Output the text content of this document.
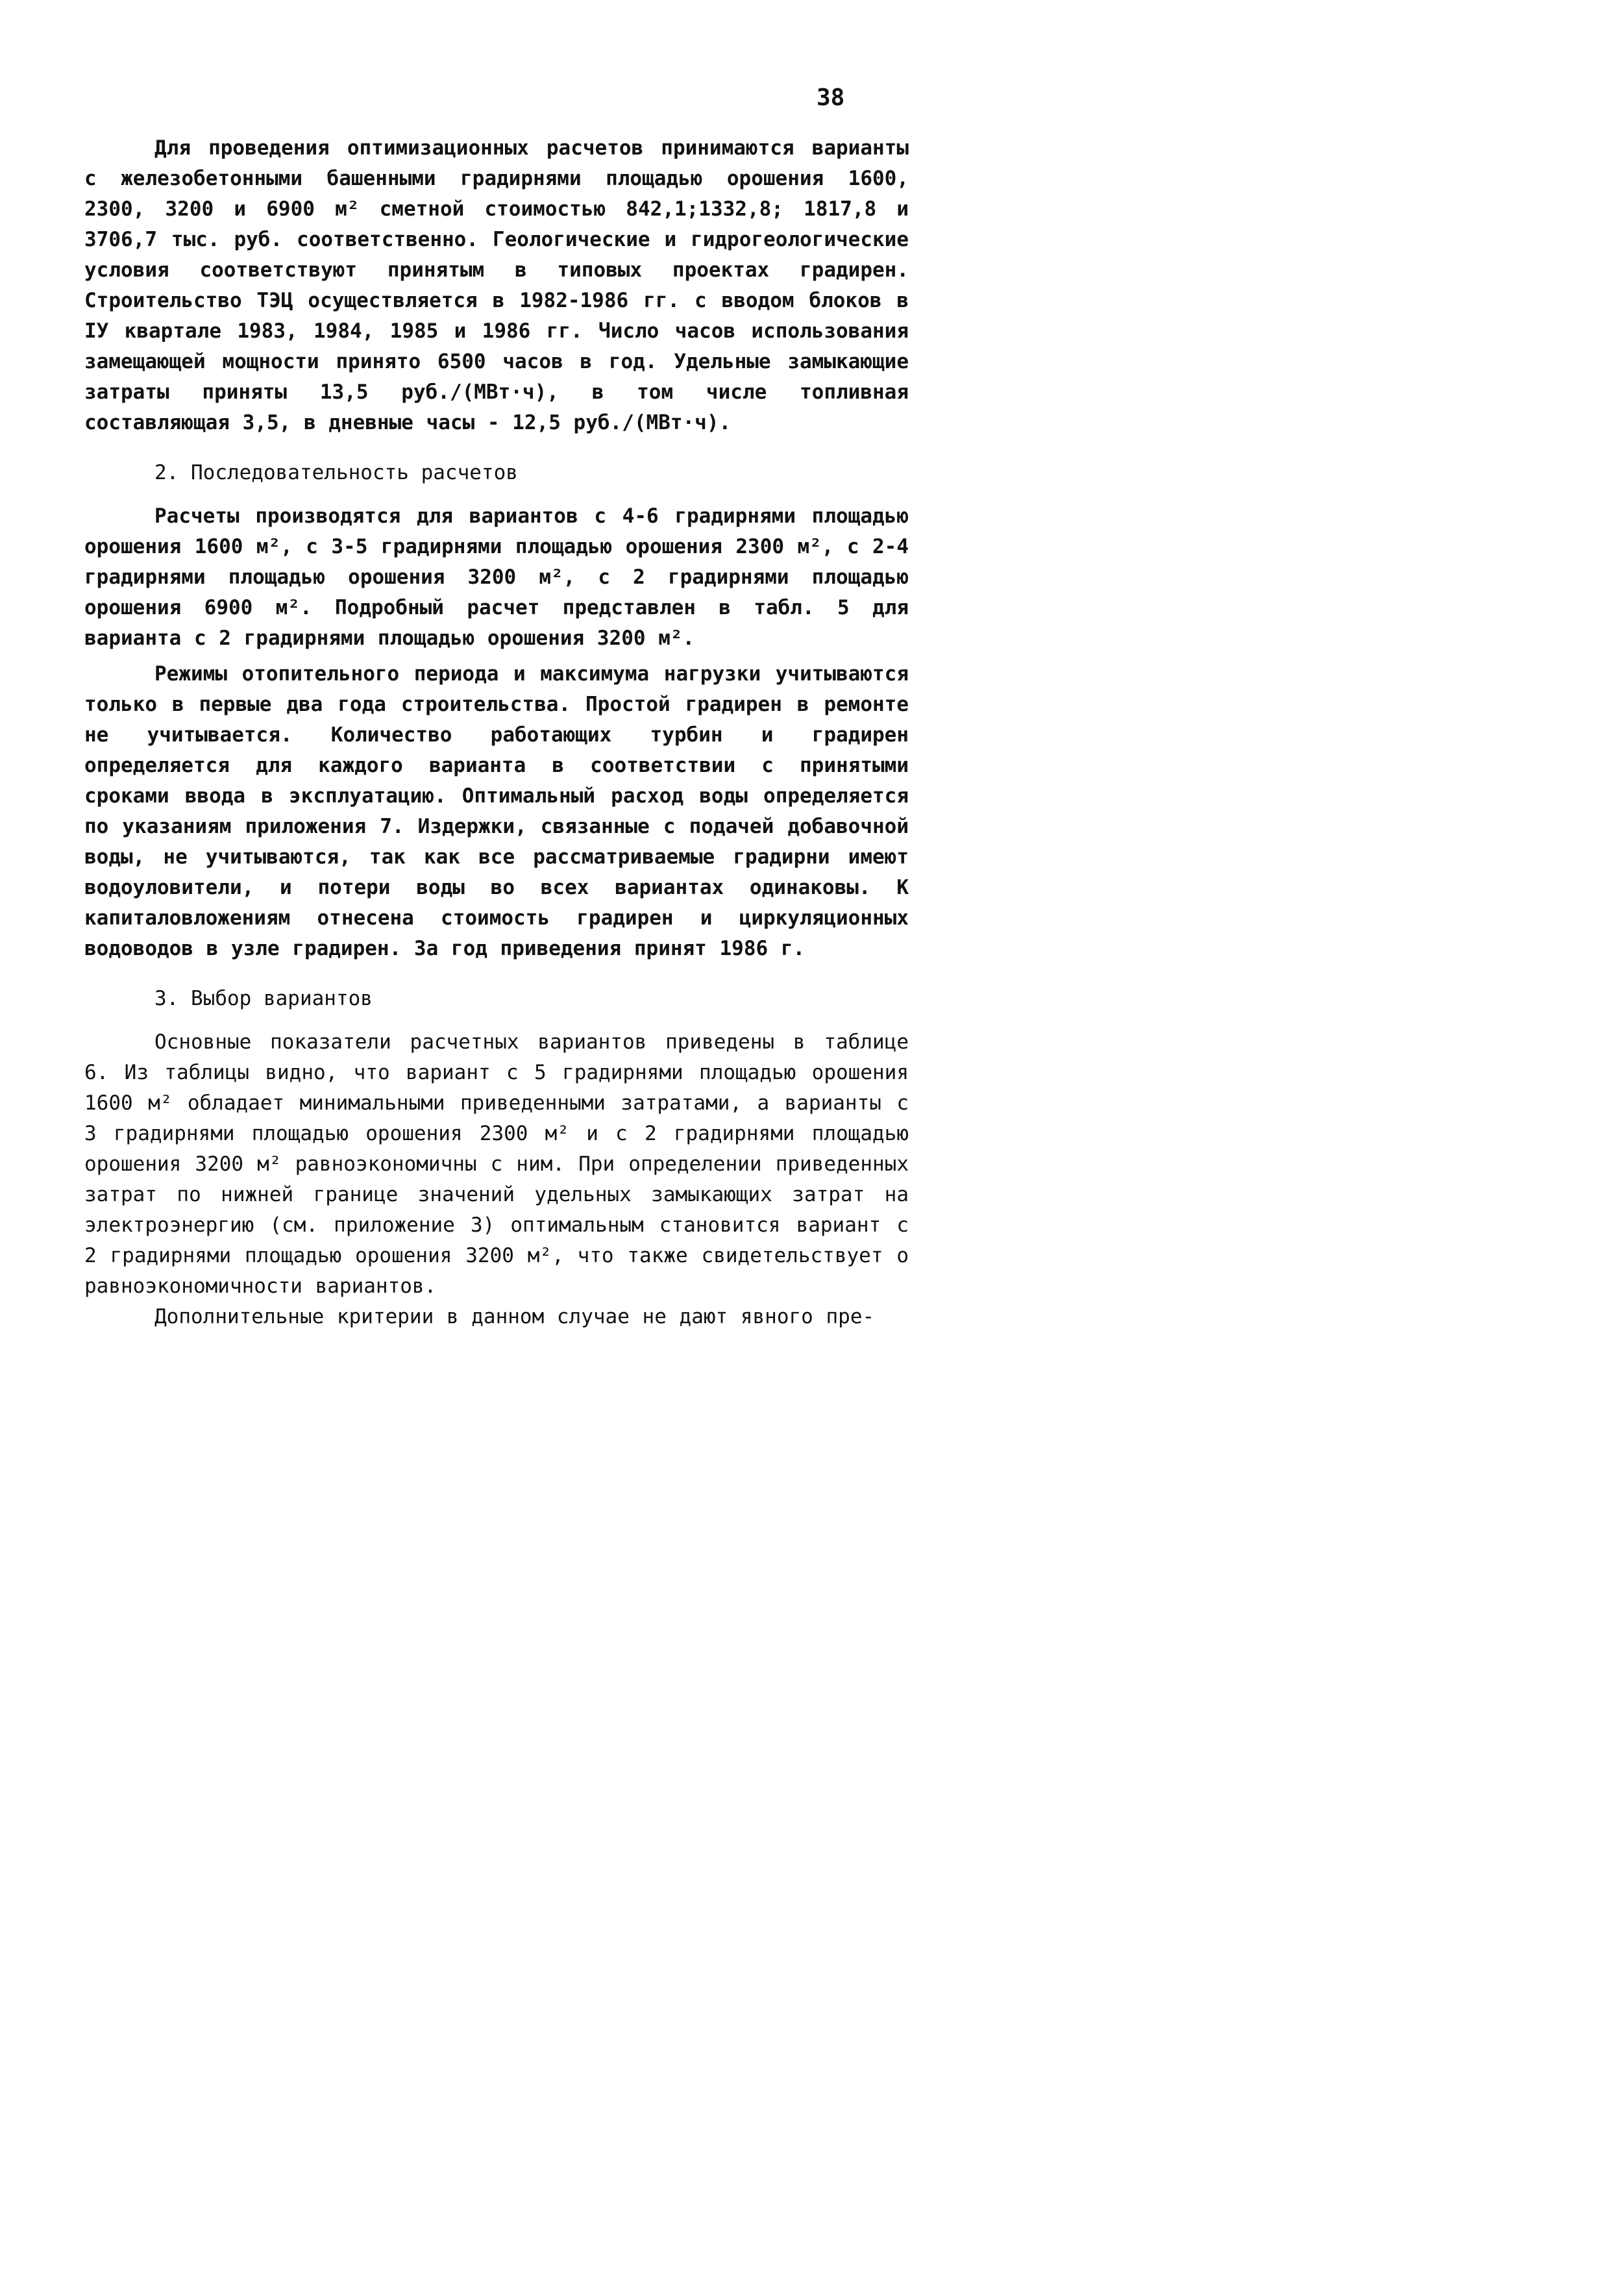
38

Для проведения оптимизационных расчетов принимаются варианты с железобетонными башенными градирнями площадью орошения 1600, 2300, 3200 и 6900 м² сметной стоимостью 842,1;1332,8; 1817,8 и 3706,7 тыс. руб. соответственно. Геологические и гидрогеологические условия соответствуют принятым в типовых проектах градирен. Строительство ТЭЦ осуществляется в 1982-1986 гг. с вводом блоков в IУ квартале 1983, 1984, 1985 и 1986 гг. Число часов использования замещающей мощности принято 6500 часов в год. Удельные замыкающие затраты приняты 13,5 руб./(МВт·ч), в том числе топливная составляющая 3,5, в дневные часы - 12,5 руб./(МВт·ч).

2. Последовательность расчетов

Расчеты производятся для вариантов с 4-6 градирнями площадью орошения 1600 м², с 3-5 градирнями площадью орошения 2300 м², с 2-4 градирнями площадью орошения 3200 м², с 2 градирнями площадью орошения 6900 м². Подробный расчет представлен в табл. 5 для варианта с 2 градирнями площадью орошения 3200 м².

Режимы отопительного периода и максимума нагрузки учитываются только в первые два года строительства. Простой градирен в ремонте не учитывается. Количество работающих турбин и градирен определяется для каждого варианта в соответствии с принятыми сроками ввода в эксплуатацию. Оптимальный расход воды определяется по указаниям приложения 7. Издержки, связанные с подачей добавочной воды, не учитываются, так как все рассматриваемые градирни имеют водоуловители, и потери воды во всех вариантах одинаковы. К капиталовложениям отнесена стоимость градирен и циркуляционных водоводов в узле градирен. За год приведения принят 1986 г.

3. Выбор вариантов

Основные показатели расчетных вариантов приведены в таблице 6. Из таблицы видно, что вариант с 5 градирнями площадью орошения 1600 м² обладает минимальными приведенными затратами, а варианты с 3 градирнями площадью орошения 2300 м² и с 2 градирнями площадью орошения 3200 м² равноэкономичны с ним. При определении приведенных затрат по нижней границе значений удельных замыкающих затрат на электроэнергию (см. приложение 3) оптимальным становится вариант с 2 градирнями площадью орошения 3200 м², что также свидетельствует о равноэкономичности вариантов.

Дополнительные критерии в данном случае не дают явного пре-
